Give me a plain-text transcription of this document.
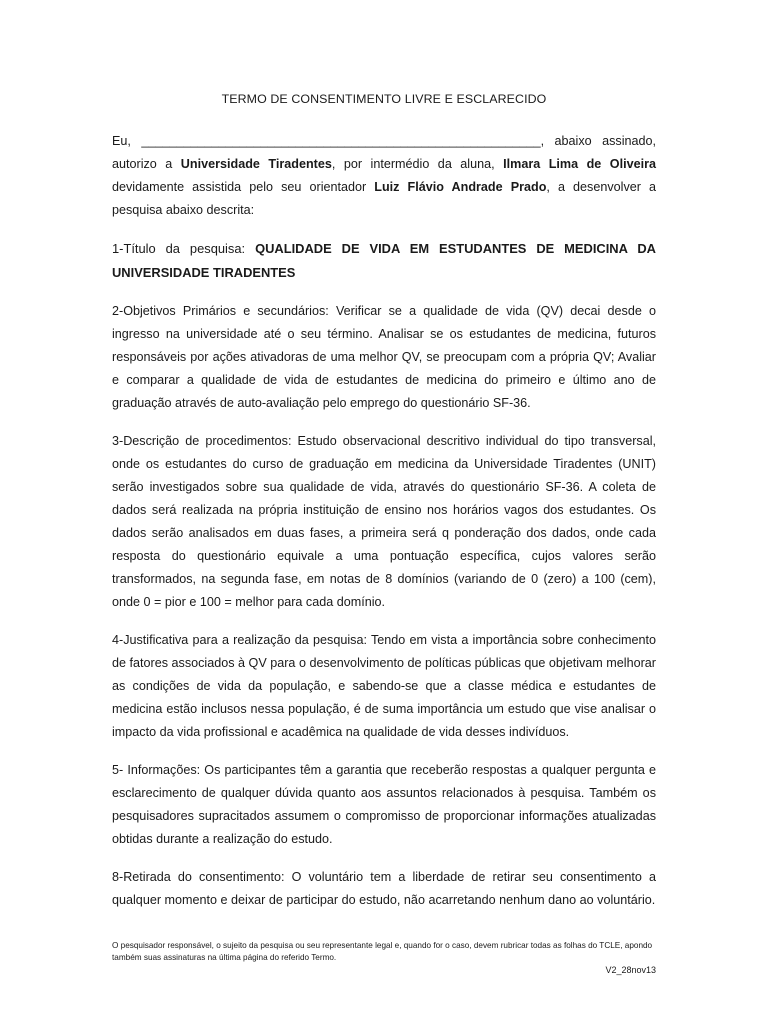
TERMO DE CONSENTIMENTO LIVRE E ESCLARECIDO

Eu, _________________________________________________________, abaixo assinado, autorizo a Universidade Tiradentes, por intermédio da aluna, Ilmara Lima de Oliveira devidamente assistida pelo seu orientador Luiz Flávio Andrade Prado, a desenvolver a pesquisa abaixo descrita:

1-Título da pesquisa: QUALIDADE DE VIDA EM ESTUDANTES DE MEDICINA DA UNIVERSIDADE TIRADENTES

2-Objetivos Primários e secundários: Verificar se a qualidade de vida (QV) decai desde o ingresso na universidade até o seu término. Analisar se os estudantes de medicina, futuros responsáveis por ações ativadoras de uma melhor QV, se preocupam com a própria QV; Avaliar e comparar a qualidade de vida de estudantes de medicina do primeiro e último ano de graduação através de auto-avaliação pelo emprego do questionário SF-36.

3-Descrição de procedimentos: Estudo observacional descritivo individual do tipo transversal, onde os estudantes do curso de graduação em medicina da Universidade Tiradentes (UNIT) serão investigados sobre sua qualidade de vida, através do questionário SF-36. A coleta de dados será realizada na própria instituição de ensino nos horários vagos dos estudantes. Os dados serão analisados em duas fases, a primeira será q ponderação dos dados, onde cada resposta do questionário equivale a uma pontuação específica, cujos valores serão transformados, na segunda fase, em notas de 8 domínios (variando de 0 (zero) a 100 (cem), onde 0 = pior e 100 = melhor para cada domínio.

4-Justificativa para a realização da pesquisa: Tendo em vista a importância sobre conhecimento de fatores associados à QV para o desenvolvimento de políticas públicas que objetivam melhorar as condições de vida da população, e sabendo-se que a classe médica e estudantes de medicina estão inclusos nessa população, é de suma importância um estudo que vise analisar o impacto da vida profissional e acadêmica na qualidade de vida desses indivíduos.

5- Informações: Os participantes têm a garantia que receberão respostas a qualquer pergunta e esclarecimento de qualquer dúvida quanto aos assuntos relacionados à pesquisa. Também os pesquisadores supracitados assumem o compromisso de proporcionar informações atualizadas obtidas durante a realização do estudo.

8-Retirada do consentimento: O voluntário tem a liberdade de retirar seu consentimento a qualquer momento e deixar de participar do estudo, não acarretando nenhum dano ao voluntário.

O pesquisador responsável, o sujeito da pesquisa ou seu representante legal e, quando for o caso, devem rubricar todas as folhas do TCLE, apondo também suas assinaturas na última página do referido Termo.
V2_28nov13
